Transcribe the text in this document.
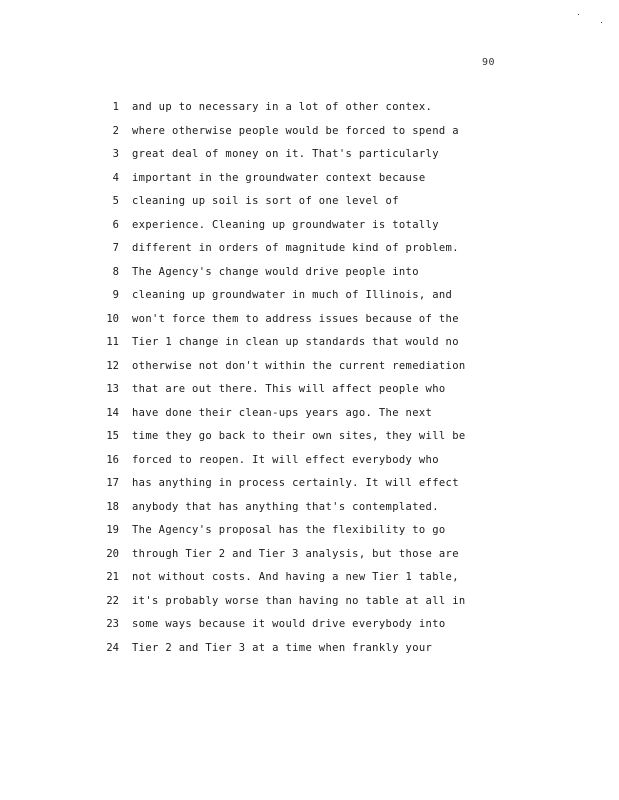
90
1 and up to necessary in a lot of other contex.
2 where otherwise people would be forced to spend a
3 great deal of money on it. That's particularly
4 important in the groundwater context because
5 cleaning up soil is sort of one level of
6 experience. Cleaning up groundwater is totally
7 different in orders of magnitude kind of problem.
8 The Agency's change would drive people into
9 cleaning up groundwater in much of Illinois, and
10 won't force them to address issues because of the
11 Tier 1 change in clean up standards that would no
12 otherwise not don't within the current remediation
13 that are out there. This will affect people who
14 have done their clean-ups years ago. The next
15 time they go back to their own sites, they will be
16 forced to reopen. It will effect everybody who
17 has anything in process certainly. It will effect
18 anybody that has anything that's contemplated.
19 The Agency's proposal has the flexibility to go
20 through Tier 2 and Tier 3 analysis, but those are
21 not without costs. And having a new Tier 1 table,
22 it's probably worse than having no table at all in
23 some ways because it would drive everybody into
24 Tier 2 and Tier 3 at a time when frankly your
